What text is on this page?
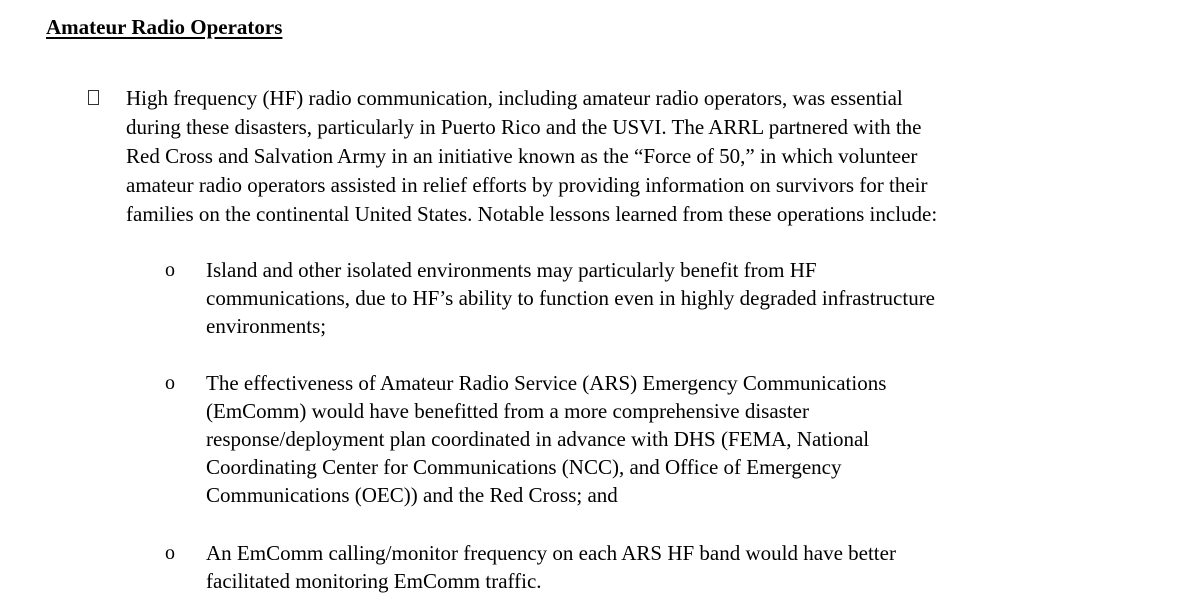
Amateur Radio Operators
High frequency (HF) radio communication, including amateur radio operators, was essential
during these disasters, particularly in Puerto Rico and the USVI. The ARRL partnered with the
Red Cross and Salvation Army in an initiative known as the “Force of 50,” in which volunteer
amateur radio operators assisted in relief efforts by providing information on survivors for their
families on the continental United States. Notable lessons learned from these operations include:
o Island and other isolated environments may particularly benefit from HF
communications, due to HF’s ability to function even in highly degraded infrastructure
environments;
o The effectiveness of Amateur Radio Service (ARS) Emergency Communications
(EmComm) would have benefitted from a more comprehensive disaster
response/deployment plan coordinated in advance with DHS (FEMA, National
Coordinating Center for Communications (NCC), and Office of Emergency
Communications (OEC)) and the Red Cross; and
o An EmComm calling/monitor frequency on each ARS HF band would have better
facilitated monitoring EmComm traffic.
